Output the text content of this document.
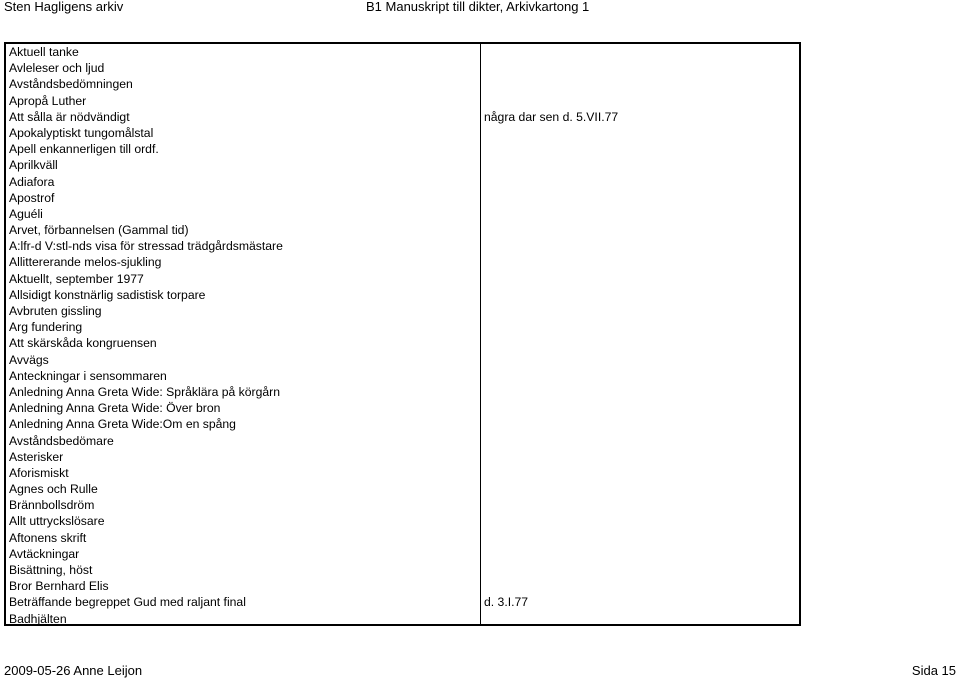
Sten Hagligens arkiv	B1 Manuskript till dikter, Arkivkartong 1
Aktuell tanke
Avleleser och ljud
Avståndsbedömningen
Apropå Luther
Att sålla är nödvändigt	några dar sen d. 5.VII.77
Apokalyptiskt tungomålstal
Apell enkannerligen till ordf.
Aprilkväll
Adiafora
Apostrof
Aguéli
Arvet, förbannelsen (Gammal tid)
A:lfr-d V:stl-nds visa för stressad trädgårdsmästare
Allittererande melos-sjukling
Aktuellt, september 1977
Allsidigt konstnärlig sadistisk torpare
Avbruten gissling
Arg fundering
Att skärskåda kongruensen
Avvägs
Anteckningar i sensommaren
Anledning Anna Greta Wide: Språklära på körgårn
Anledning Anna Greta Wide: Över bron
Anledning Anna Greta Wide:Om en spång
Avståndsbedömare
Asterisker
Aforismiskt
Agnes och Rulle
Brännbollsdröm
Allt uttryckslösare
Aftonens skrift
Avtäckningar
Bisättning, höst
Bror Bernhard Elis
Beträffande begreppet Gud med raljant final	d. 3.I.77
Badhjälten
2009-05-26 Anne Leijon	Sida 15
